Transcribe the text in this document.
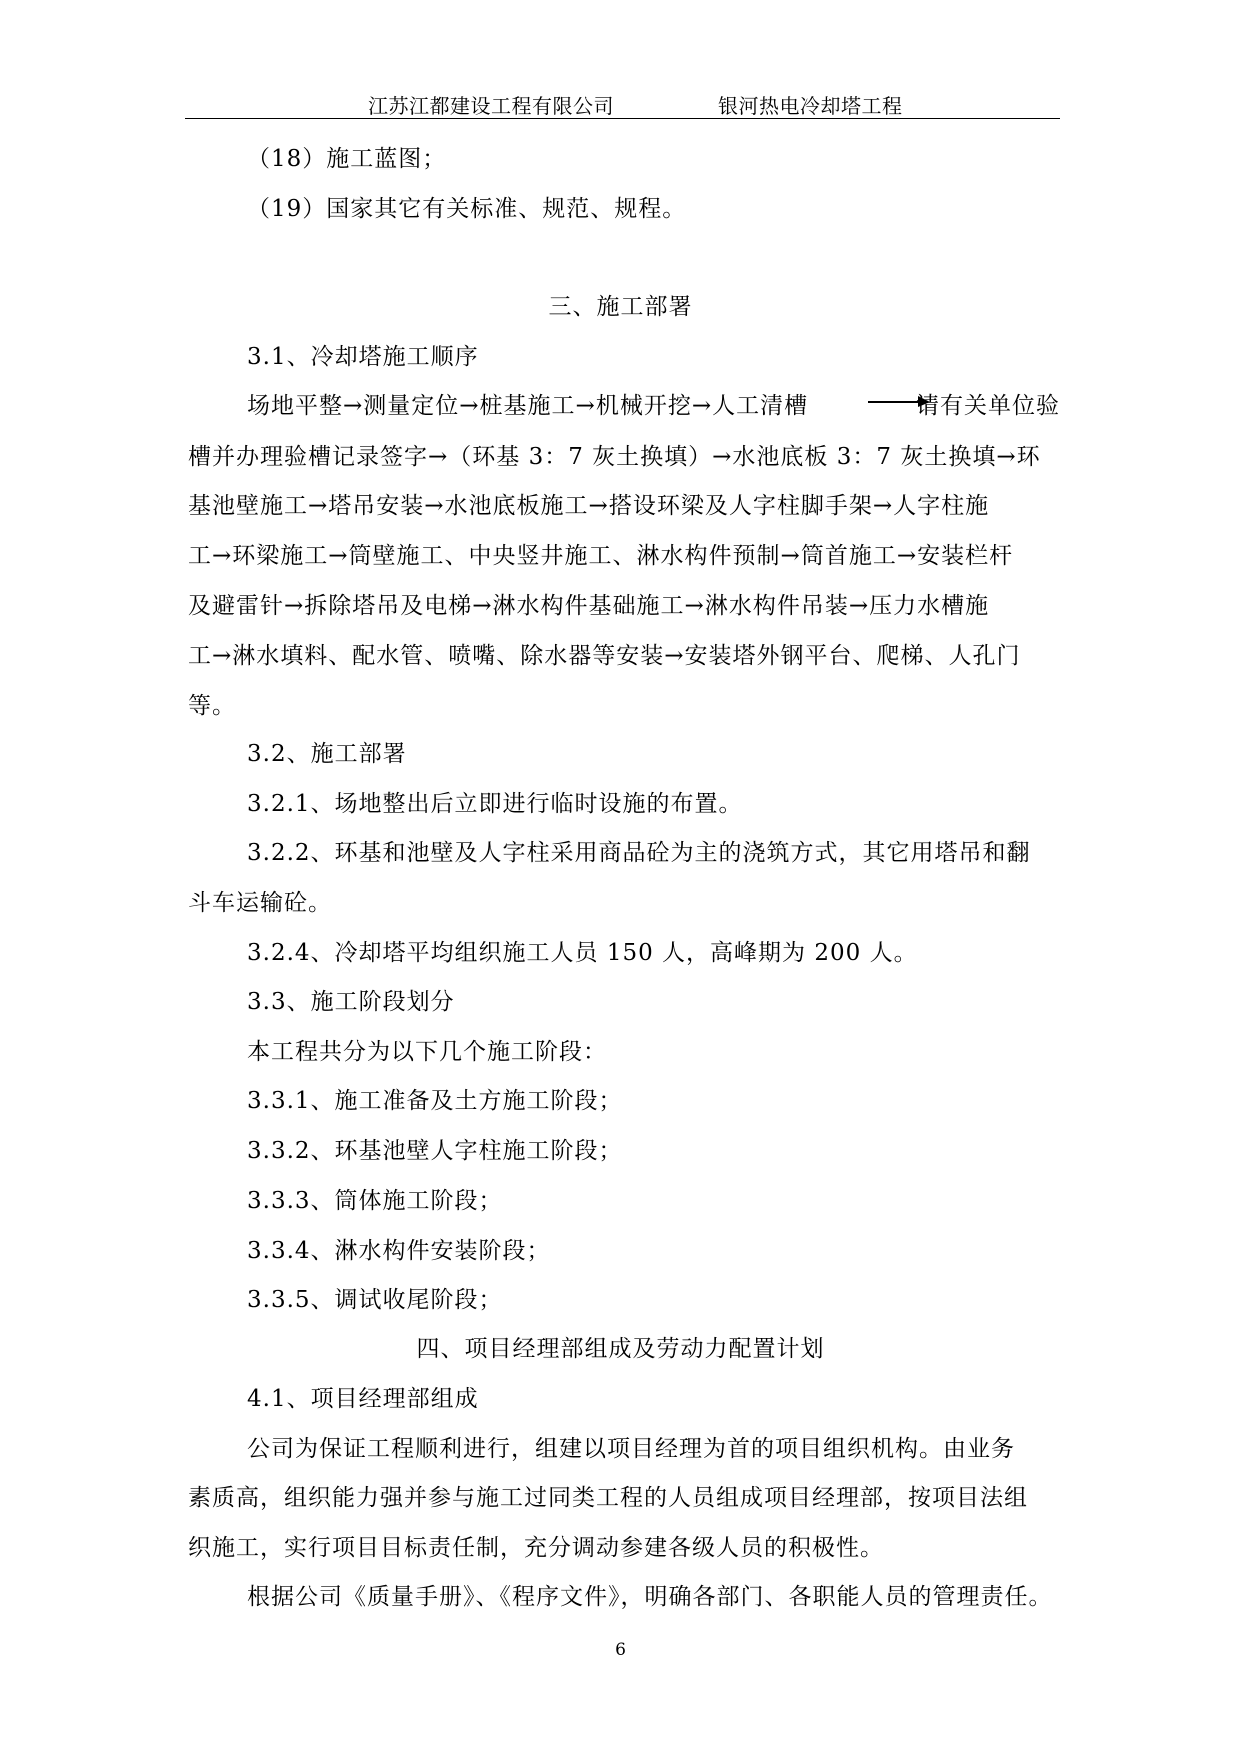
江苏江都建设工程有限公司	银河热电冷却塔工程
（18）施工蓝图；
（19）国家其它有关标准、规范、规程。
三、施工部署
3.1、冷却塔施工顺序
场地平整→测量定位→桩基施工→机械开挖→人工清槽	请有关单位验
槽并办理验槽记录签字→（环基 3：7 灰土换填）→水池底板 3：7 灰土换填→环
基池壁施工→塔吊安装→水池底板施工→搭设环梁及人字柱脚手架→人字柱施
工→环梁施工→筒壁施工、中央竖井施工、淋水构件预制→筒首施工→安装栏杆
及避雷针→拆除塔吊及电梯→淋水构件基础施工→淋水构件吊装→压力水槽施
工→淋水填料、配水管、喷嘴、除水器等安装→安装塔外钢平台、爬梯、人孔门
等。
3.2、施工部署
3.2.1、场地整出后立即进行临时设施的布置。
3.2.2、环基和池壁及人字柱采用商品砼为主的浇筑方式，其它用塔吊和翻
斗车运输砼。
3.2.4、冷却塔平均组织施工人员 150 人，高峰期为 200 人。
3.3、施工阶段划分
本工程共分为以下几个施工阶段：
3.3.1、施工准备及土方施工阶段；
3.3.2、环基池壁人字柱施工阶段；
3.3.3、筒体施工阶段；
3.3.4、淋水构件安装阶段；
3.3.5、调试收尾阶段；
四、项目经理部组成及劳动力配置计划
4.1、项目经理部组成
公司为保证工程顺利进行，组建以项目经理为首的项目组织机构。由业务
素质高，组织能力强并参与施工过同类工程的人员组成项目经理部，按项目法组
织施工，实行项目目标责任制，充分调动参建各级人员的积极性。
根据公司《质量手册》、《程序文件》，明确各部门、各职能人员的管理责任。
6
